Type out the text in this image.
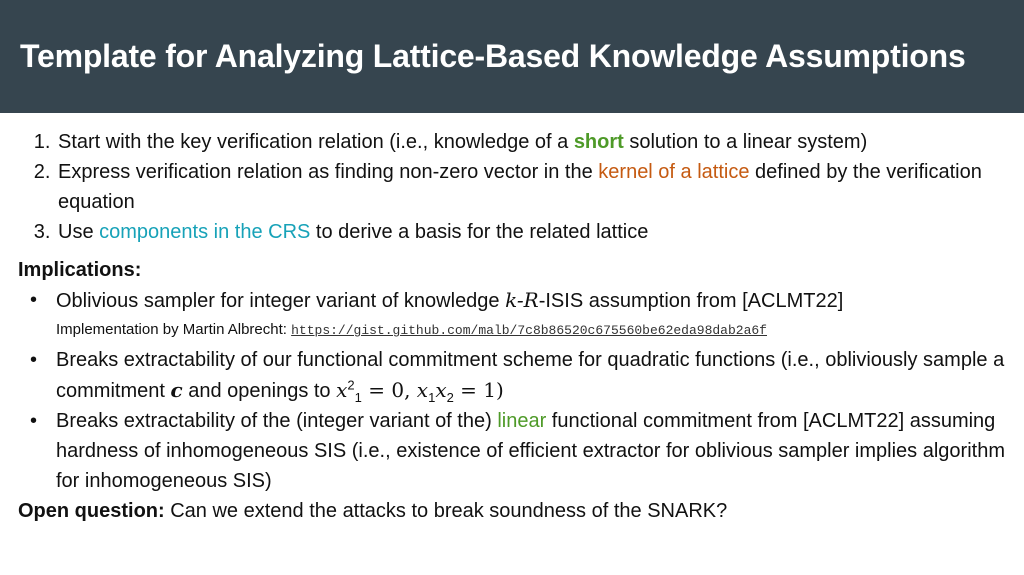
Template for Analyzing Lattice-Based Knowledge Assumptions
1. Start with the key verification relation (i.e., knowledge of a short solution to a linear system)
2. Express verification relation as finding non-zero vector in the kernel of a lattice defined by the verification equation
3. Use components in the CRS to derive a basis for the related lattice
Implications:
• Oblivious sampler for integer variant of knowledge k-R-ISIS assumption from [ACLMT22]
Implementation by Martin Albrecht: https://gist.github.com/malb/7c8b86520c675560be62eda98dab2a6f
• Breaks extractability of our functional commitment scheme for quadratic functions (i.e., obliviously sample a commitment c and openings to $x^2_1 = 0$, $x_1x_2 = 1$)
• Breaks extractability of the (integer variant of the) linear functional commitment from [ACLMT22] assuming hardness of inhomogeneous SIS (i.e., existence of efficient extractor for oblivious sampler implies algorithm for inhomogeneous SIS)
Open question: Can we extend the attacks to break soundness of the SNARK?
